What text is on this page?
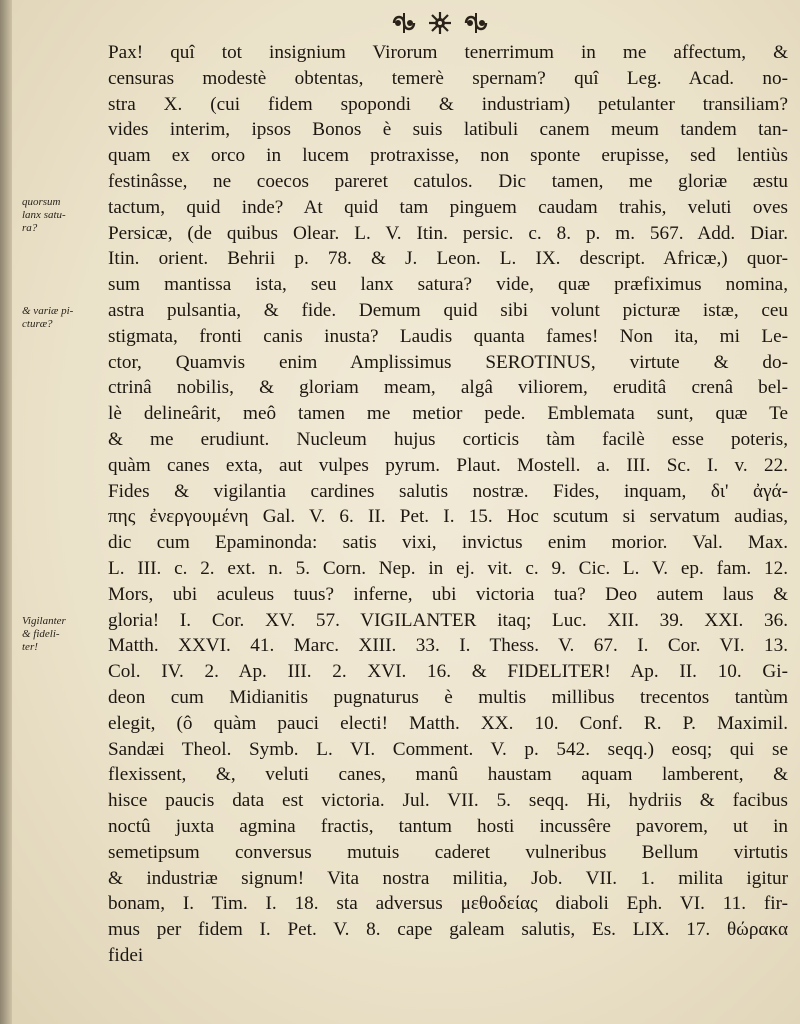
quorsum
lanx satu-
ra?
& variæ pi-
cturæ?
Vigilanter
& fideli-
ter!
Pax! quî tot insignium Virorum tenerrimum in me affectum, &
censuras modestè obtentas, temerè spernam? quî Leg. Acad. no-
stra X. (cui fidem spopondi & industriam) petulanter transiliam?
vides interim, ipsos Bonos è suis latibuli canem meum tandem tan-
quam ex orco in lucem protraxisse, non sponte erupisse, sed lentiùs
festinâsse, ne coecos pareret catulos. Dic tamen, me gloriæ æstu
tactum, quid inde? At quid tam pinguem caudam trahis, veluti oves
Persicæ, (de quibus Olear. L. V. Itin. persic. c. 8. p. m. 567. Add. Diar.
Itin. orient. Behrii p. 78. & J. Leon. L. IX. descript. Africæ,) quor-
sum mantissa ista, seu lanx satura? vide, quæ præfiximus nomina,
astra pulsantia, & fide. Demum quid sibi volunt picturæ istæ, ceu
stigmata, fronti canis inusta? Laudis quanta fames! Non ita, mi Le-
ctor, Quamvis enim Amplissimus SEROTINUS, virtute & do-
ctrinâ nobilis, & gloriam meam, algâ viliorem, eruditâ crenâ bel-
lè delineârit, meô tamen me metior pede. Emblemata sunt, quæ Te
& me erudiunt. Nucleum hujus corticis tàm facilè esse poteris,
quàm canes exta, aut vulpes pyrum. Plaut. Mostell. a. III. Sc. I. v. 22.
Fides & vigilantia cardines salutis nostræ. Fides, inquam, δι' ἀγά-
πης ἐνεργουμένη Gal. V. 6. II. Pet. I. 15. Hoc scutum si servatum audias,
dic cum Epaminonda: satis vixi, invictus enim morior. Val. Max.
L. III. c. 2. ext. n. 5. Corn. Nep. in ej. vit. c. 9. Cic. L. V. ep. fam. 12.
Mors, ubi aculeus tuus? inferne, ubi victoria tua? Deo autem laus &
gloria! I. Cor. XV. 57. VIGILANTER itaq; Luc. XII. 39. XXI. 36.
Matth. XXVI. 41. Marc. XIII. 33. I. Thess. V. 67. I. Cor. VI. 13.
Col. IV. 2. Ap. III. 2. XVI. 16. & FIDELITER! Ap. II. 10. Gi-
deon cum Midianitis pugnaturus è multis millibus trecentos tantùm
elegit, (ô quàm pauci electi! Matth. XX. 10. Conf. R. P. Maximil.
Sandæi Theol. Symb. L. VI. Comment. V. p. 542. seqq.) eosq; qui se
flexissent, &, veluti canes, manû haustam aquam lamberent, &
hisce paucis data est victoria. Jul. VII. 5. seqq. Hi, hydriis & facibus
noctû juxta agmina fractis, tantum hosti incussêre pavorem, ut in
semetipsum conversus mutuis caderet vulneribus Bellum virtutis
& industriæ signum! Vita nostra militia, Job. VII. 1. milita igitur
bonam, I. Tim. I. 18. sta adversus μεθοδείας diaboli Eph. VI. 11. fir-
mus per fidem I. Pet. V. 8. cape galeam salutis, Es. LIX. 17. θώρακα
fidei
